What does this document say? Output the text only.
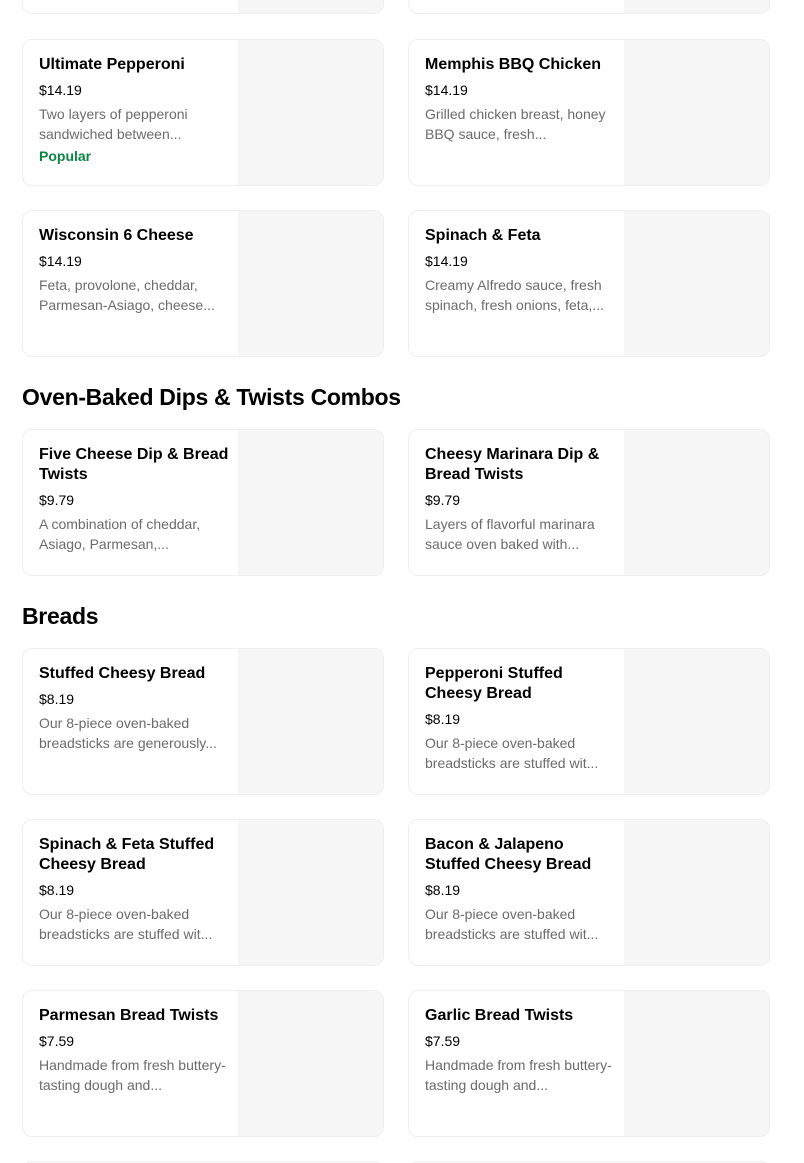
Ultimate Pepperoni
$14.19
Two layers of pepperoni sandwiched between...
Popular
Memphis BBQ Chicken
$14.19
Grilled chicken breast, honey BBQ sauce, fresh...
Wisconsin 6 Cheese
$14.19
Feta, provolone, cheddar, Parmesan-Asiago, cheese...
Spinach & Feta
$14.19
Creamy Alfredo sauce, fresh spinach, fresh onions, feta,...
Oven-Baked Dips & Twists Combos
Five Cheese Dip & Bread Twists
$9.79
A combination of cheddar, Asiago, Parmesan,...
Cheesy Marinara Dip & Bread Twists
$9.79
Layers of flavorful marinara sauce oven baked with...
Breads
Stuffed Cheesy Bread
$8.19
Our 8-piece oven-baked breadsticks are generously...
Pepperoni Stuffed Cheesy Bread
$8.19
Our 8-piece oven-baked breadsticks are stuffed wit...
Spinach & Feta Stuffed Cheesy Bread
$8.19
Our 8-piece oven-baked breadsticks are stuffed wit...
Bacon & Jalapeno Stuffed Cheesy Bread
$8.19
Our 8-piece oven-baked breadsticks are stuffed wit...
Parmesan Bread Twists
$7.59
Handmade from fresh buttery-tasting dough and...
Garlic Bread Twists
$7.59
Handmade from fresh buttery-tasting dough and...
